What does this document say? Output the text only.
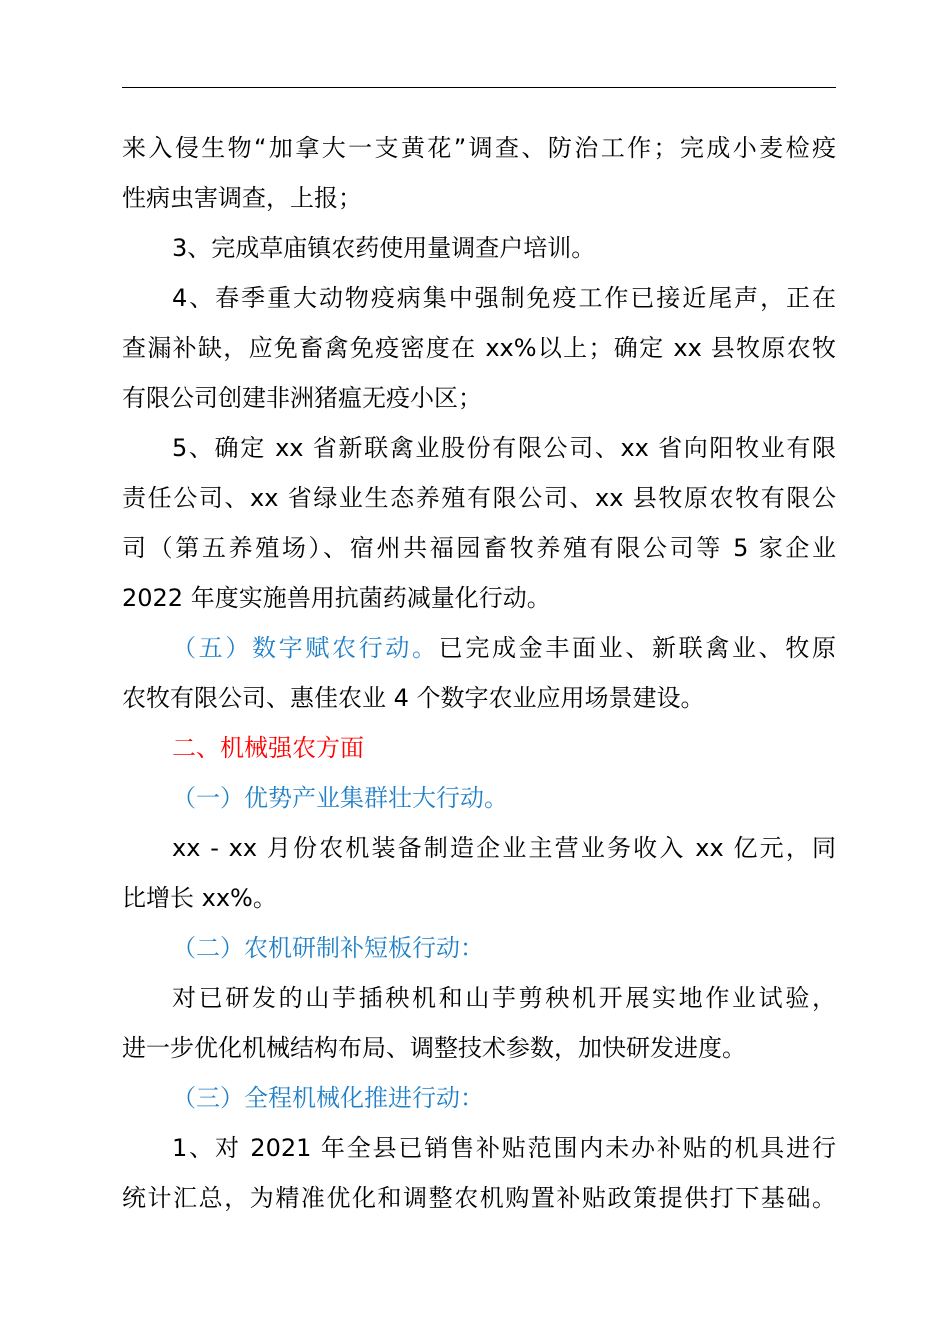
来入侵生物“加拿大一支黄花”调查、防治工作；完成小麦检疫
性病虫害调查，上报；
3、完成草庙镇农药使用量调查户培训。
4、春季重大动物疫病集中强制免疫工作已接近尾声，正在
查漏补缺，应免畜禽免疫密度在 xx%以上；确定 xx 县牧原农牧
有限公司创建非洲猪瘟无疫小区；
5、确定 xx 省新联禽业股份有限公司、xx 省向阳牧业有限
责任公司、xx 省绿业生态养殖有限公司、xx 县牧原农牧有限公
司（第五养殖场）、宿州共福园畜牧养殖有限公司等 5 家企业
2022 年度实施兽用抗菌药减量化行动。
（五）数字赋农行动。已完成金丰面业、新联禽业、牧原
农牧有限公司、惠佳农业 4 个数字农业应用场景建设。
二、机械强农方面
（一）优势产业集群壮大行动。
xx - xx 月份农机装备制造企业主营业务收入 xx 亿元，同
比增长 xx%。
（二）农机研制补短板行动：
对已研发的山芋插秧机和山芋剪秧机开展实地作业试验，
进一步优化机械结构布局、调整技术参数，加快研发进度。
（三）全程机械化推进行动：
1、对 2021 年全县已销售补贴范围内未办补贴的机具进行
统计汇总，为精准优化和调整农机购置补贴政策提供打下基础。
